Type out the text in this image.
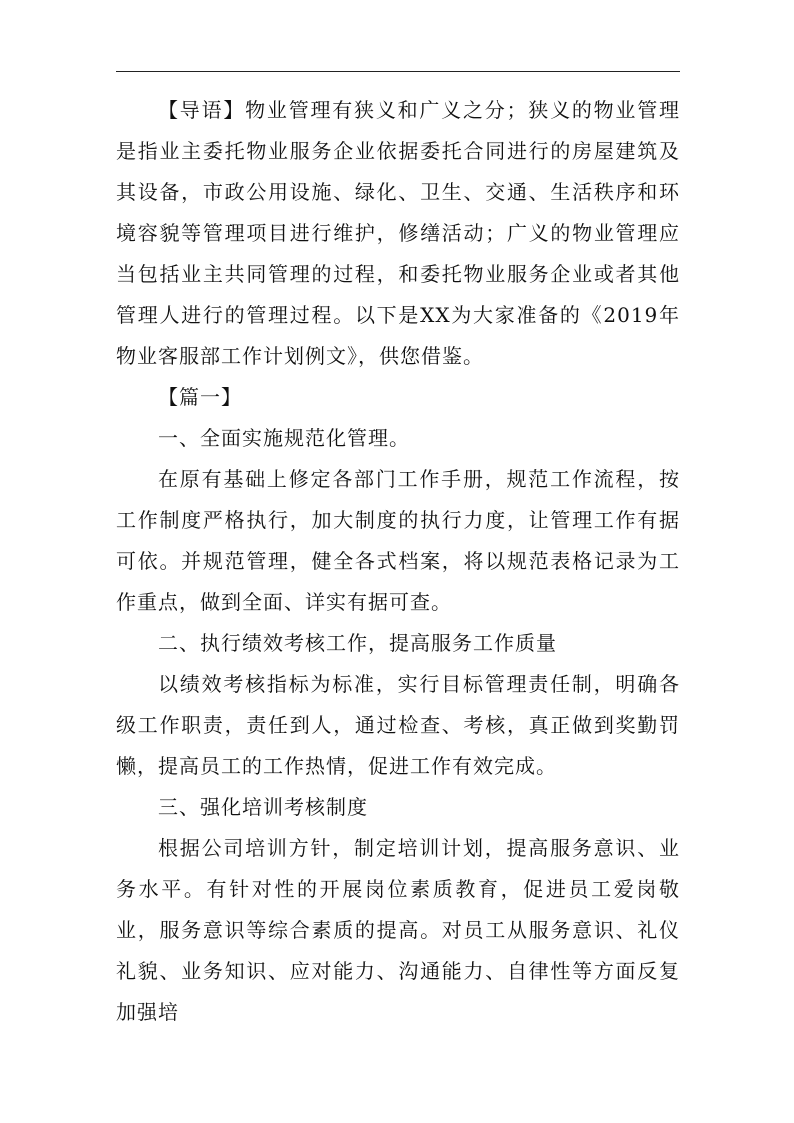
【导语】物业管理有狭义和广义之分；狭义的物业管理是指业主委托物业服务企业依据委托合同进行的房屋建筑及其设备，市政公用设施、绿化、卫生、交通、生活秩序和环境容貌等管理项目进行维护，修缮活动；广义的物业管理应当包括业主共同管理的过程，和委托物业服务企业或者其他管理人进行的管理过程。以下是XX为大家准备的《2019年物业客服部工作计划例文》，供您借鉴。

【篇一】

一、全面实施规范化管理。

在原有基础上修定各部门工作手册，规范工作流程，按工作制度严格执行，加大制度的执行力度，让管理工作有据可依。并规范管理，健全各式档案，将以规范表格记录为工作重点，做到全面、详实有据可查。

二、执行绩效考核工作，提高服务工作质量

以绩效考核指标为标准，实行目标管理责任制，明确各级工作职责，责任到人，通过检查、考核，真正做到奖勤罚懒，提高员工的工作热情，促进工作有效完成。

三、强化培训考核制度

根据公司培训方针，制定培训计划，提高服务意识、业务水平。有针对性的开展岗位素质教育，促进员工爱岗敬业，服务意识等综合素质的提高。对员工从服务意识、礼仪礼貌、业务知识、应对能力、沟通能力、自律性等方面反复加强培
